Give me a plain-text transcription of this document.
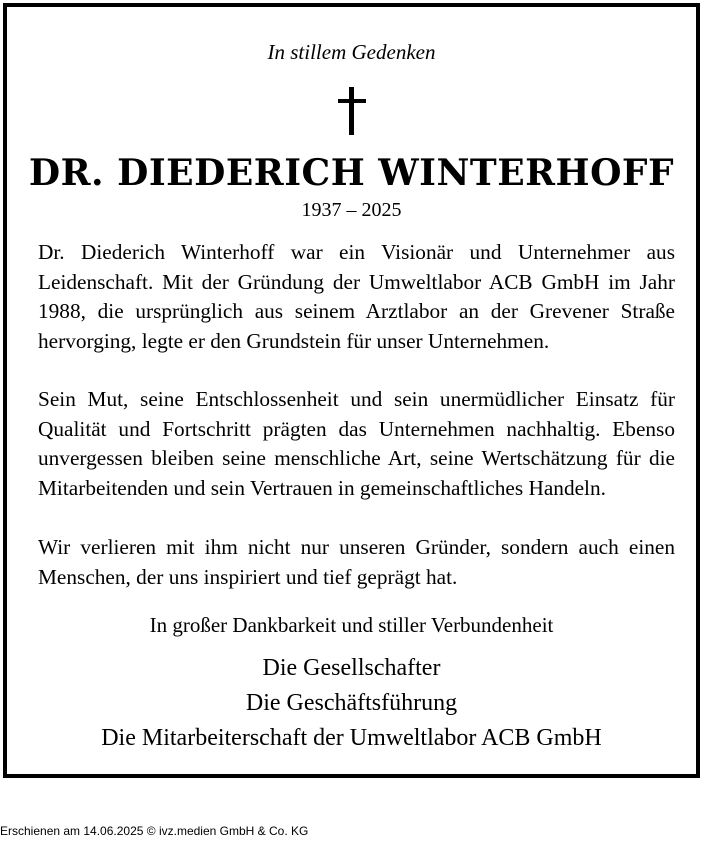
In stillem Gedenken
DR. DIEDERICH WINTERHOFF
1937 – 2025
Dr. Diederich Winterhoff war ein Visionär und Unternehmer aus Leidenschaft. Mit der Gründung der Umweltlabor ACB GmbH im Jahr 1988, die ursprünglich aus seinem Arztlabor an der Grevener Straße hervorging, legte er den Grundstein für unser Unternehmen.
Sein Mut, seine Entschlossenheit und sein unermüdlicher Einsatz für Qualität und Fortschritt prägten das Unternehmen nachhaltig. Ebenso unvergessen bleiben seine menschliche Art, seine Wertschätzung für die Mitarbeitenden und sein Vertrauen in gemeinschaftliches Handeln.
Wir verlieren mit ihm nicht nur unseren Gründer, sondern auch einen Menschen, der uns inspiriert und tief geprägt hat.
In großer Dankbarkeit und stiller Verbundenheit
Die Gesellschafter
Die Geschäftsführung
Die Mitarbeiterschaft der Umweltlabor ACB GmbH
Erschienen am 14.06.2025 © ivz.medien GmbH & Co. KG
